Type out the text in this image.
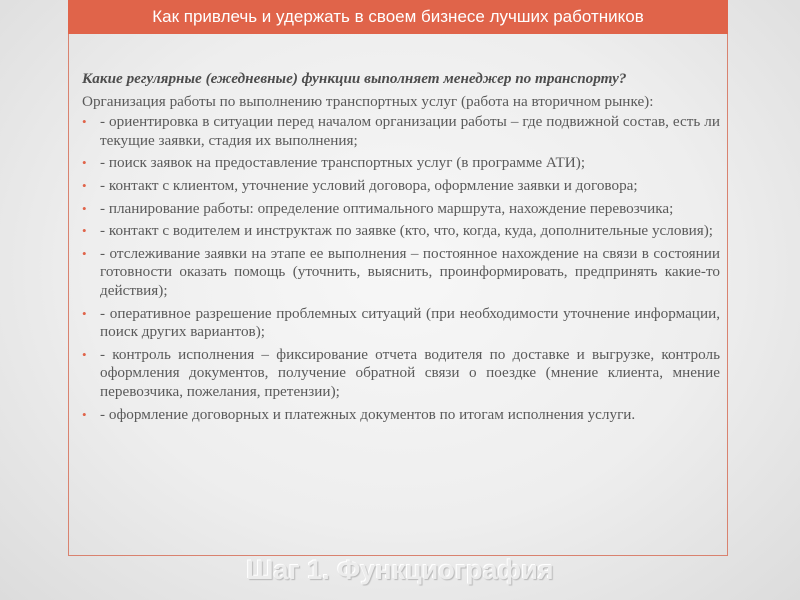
Как привлечь и удержать в своем бизнесе лучших работников
Какие регулярные (ежедневные) функции выполняет менеджер по транспорту?
Организация работы по выполнению транспортных услуг (работа на вторичном рынке):
• - ориентировка в ситуации перед началом организации работы – где подвижной состав, есть ли текущие заявки, стадия их выполнения;
• - поиск заявок на предоставление транспортных услуг (в программе АТИ);
• - контакт с клиентом, уточнение условий договора, оформление заявки и договора;
• - планирование работы: определение оптимального маршрута, нахождение перевозчика;
• - контакт с водителем и инструктаж по заявке (кто, что, когда, куда, дополнительные условия);
• - отслеживание заявки на этапе ее выполнения – постоянное нахождение на связи в состоянии готовности оказать помощь (уточнить, выяснить, проинформировать, предпринять какие-то действия);
• - оперативное разрешение проблемных ситуаций (при необходимости уточнение информации, поиск других вариантов);
• - контроль исполнения – фиксирование отчета водителя по доставке и выгрузке, контроль оформления документов, получение обратной связи о поездке (мнение клиента, мнение перевозчика, пожелания, претензии);
• - оформление договорных и платежных документов по итогам исполнения услуги.
Шаг 1. Функциография
